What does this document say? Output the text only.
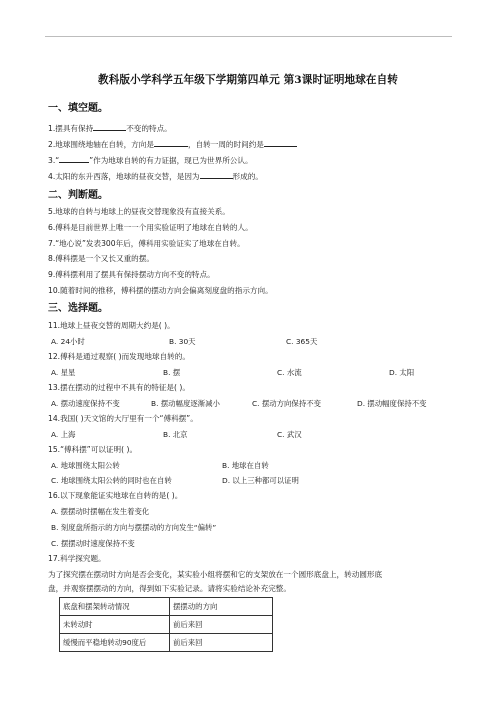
教科版小学科学五年级下学期第四单元 第3课时证明地球在自转
一、填空题。
1.摆具有保持	不变的特点。
2.地球围绕地轴在自转，方向是	，自转一周的时间约是
3.“	”作为地球自转的有力证据，现已为世界所公认。
4.太阳的东升西落，地球的昼夜交替，是因为	形成的。
二、判断题。
5.地球的自转与地球上的昼夜交替现象没有直接关系。
6.傅科是目前世界上唯一一个用实验证明了地球在自转的人。
7.“地心说”发表300年后，傅科用实验证实了地球在自转。
8.傅科摆是一个又长又重的摆。
9.傅科摆利用了摆具有保持摆动方向不变的特点。
10.随着时间的推移，傅科摆的摆动方向会偏离刻度盘的指示方向。
三、选择题。
11.地球上昼夜交替的周期大约是( )。
A. 24小时	B. 30天	C. 365天
12.傅科是通过观察( )而发现地球自转的。
A. 星星	B. 摆	C. 水流	D. 太阳
13.摆在摆动的过程中不具有的特征是( )。
A. 摆动速度保持不变	B. 摆动幅度逐渐减小	C. 摆动方向保持不变	D. 摆动幅度保持不变
14.我国( )天文馆的大厅里有一个“傅科摆”。
A. 上海	B. 北京	C. 武汉
15.“傅科摆”可以证明( )。
A. 地球围绕太阳公转	B. 地球在自转
C. 地球围绕太阳公转的同时也在自转	D. 以上三种都可以证明
16.以下现象能证实地球在自转的是( )。
A. 摆摆动时摆幅在发生着变化
B. 刻度盘所指示的方向与摆摆动的方向发生“偏转”
C. 摆摆动时速度保持不变
17.科学探究题。
为了探究摆在摆动时方向是否会变化，某实验小组将摆和它的支架放在一个圆形底盘上，转动圆形底
盘，并观察摆摆动的方向，得到如下实验记录。请将实验结论补充完整。
底盘和摆架转动情况	摆摆动的方向
未转动时	前后来回
缓慢而平稳地转动90度后	前后来回
